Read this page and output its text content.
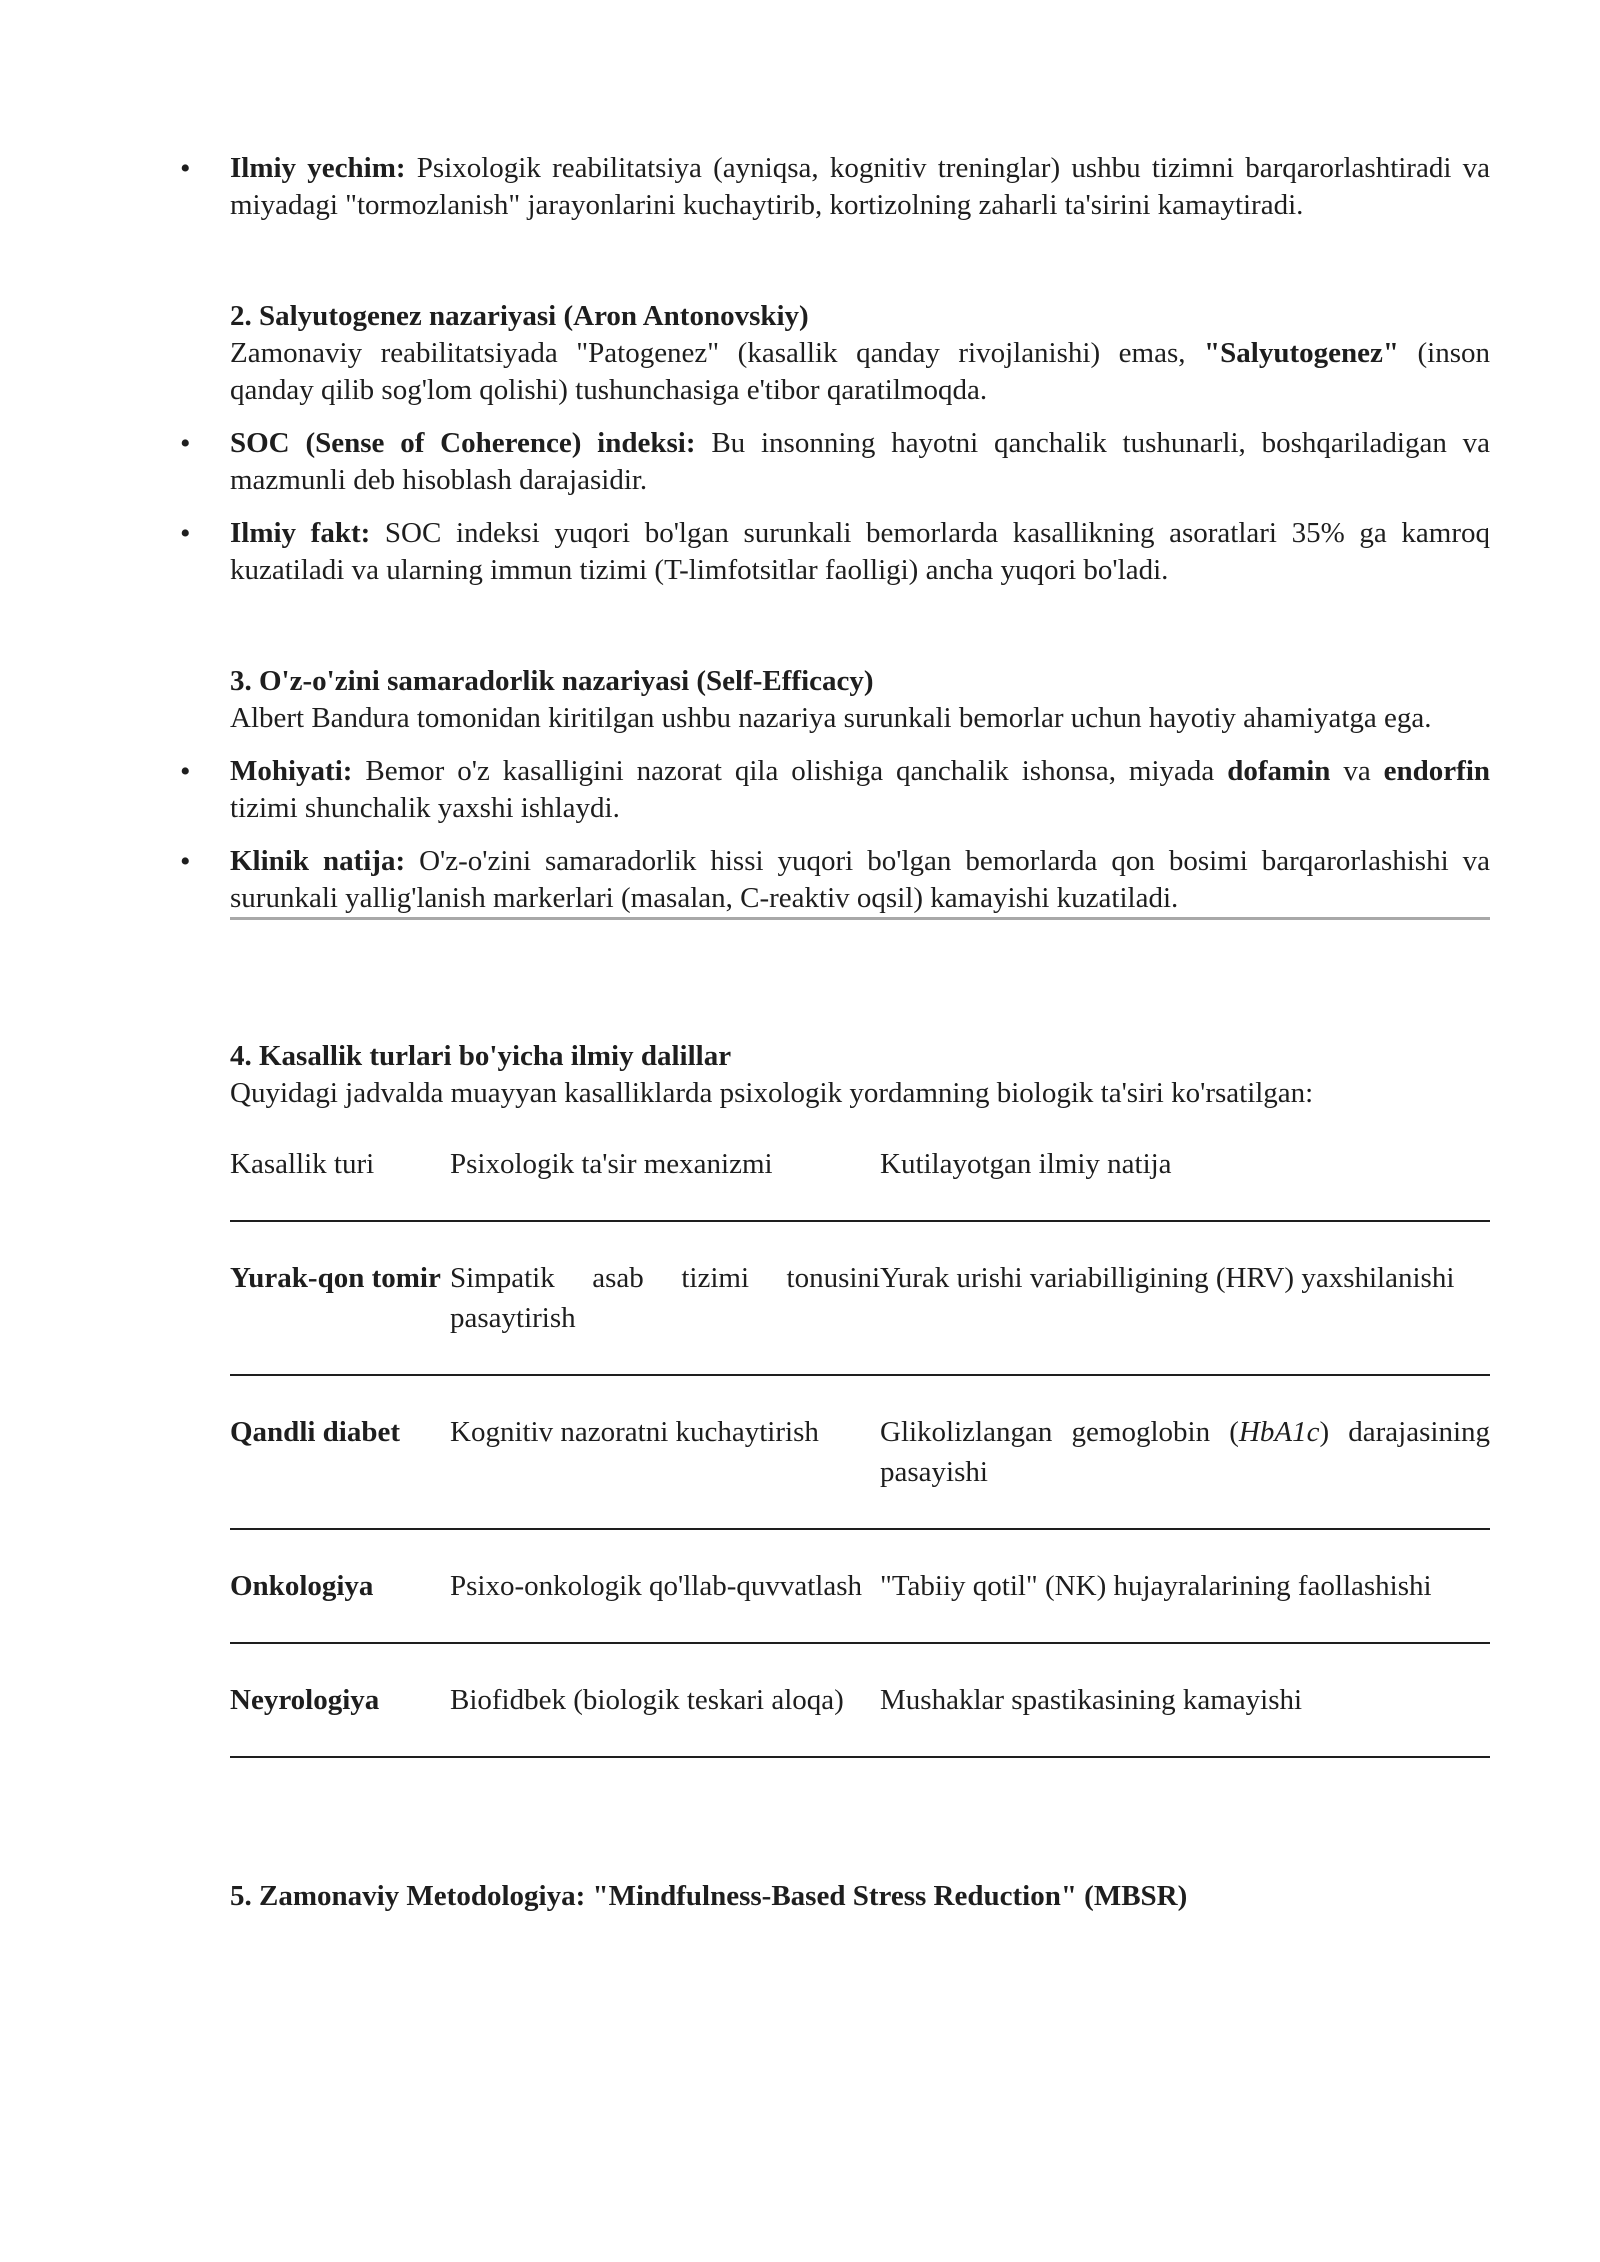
• Ilmiy yechim: Psixologik reabilitatsiya (ayniqsa, kognitiv treninglar) ushbu tizimni barqarorlashtiradi va miyadagi "tormozlanish" jarayonlarini kuchaytirib, kortizolning zaharli ta'sirini kamaytiradi.
2. Salyutogenez nazariyasi (Aron Antonovskiy)
Zamonaviy reabilitatsiyada "Patogenez" (kasallik qanday rivojlanishi) emas, "Salyutogenez" (inson qanday qilib sog'lom qolishi) tushunchasiga e'tibor qaratilmoqda.
• SOC (Sense of Coherence) indeksi: Bu insonning hayotni qanchalik tushunarli, boshqariladigan va mazmunli deb hisoblash darajasidir.
• Ilmiy fakt: SOC indeksi yuqori bo'lgan surunkali bemorlarda kasallikning asoratlari 35% ga kamroq kuzatiladi va ularning immun tizimi (T-limfotsitlar faolligi) ancha yuqori bo'ladi.
3. O'z-o'zini samaradorlik nazariyasi (Self-Efficacy)
Albert Bandura tomonidan kiritilgan ushbu nazariya surunkali bemorlar uchun hayotiy ahamiyatga ega.
• Mohiyati: Bemor o'z kasalligini nazorat qila olishiga qanchalik ishonsa, miyada dofamin va endorfin tizimi shunchalik yaxshi ishlaydi.
• Klinik natija: O'z-o'zini samaradorlik hissi yuqori bo'lgan bemorlarda qon bosimi barqarorlashishi va surunkali yallig'lanish markerlari (masalan, C-reaktiv oqsil) kamayishi kuzatiladi.
4. Kasallik turlari bo'yicha ilmiy dalillar
Quyidagi jadvalda muayyan kasalliklarda psixologik yordamning biologik ta'siri ko'rsatilgan:
Kasallik turi	Psixologik ta'sir mexanizmi	Kutilayotgan ilmiy natija
Yurak-qon tomir	Simpatik asab tizimi tonusini pasaytirish	Yurak urishi variabilligining (HRV) yaxshilanishi
Qandli diabet	Kognitiv nazoratni kuchaytirish	Glikolizlangan gemoglobin (HbA1c) darajasining pasayishi
Onkologiya	Psixo-onkologik qo'llab-quvvatlash	"Tabiiy qotil" (NK) hujayralarining faollashishi
Neyrologiya	Biofidbek (biologik teskari aloqa)	Mushaklar spastikasining kamayishi
5. Zamonaviy Metodologiya: "Mindfulness-Based Stress Reduction" (MBSR)
